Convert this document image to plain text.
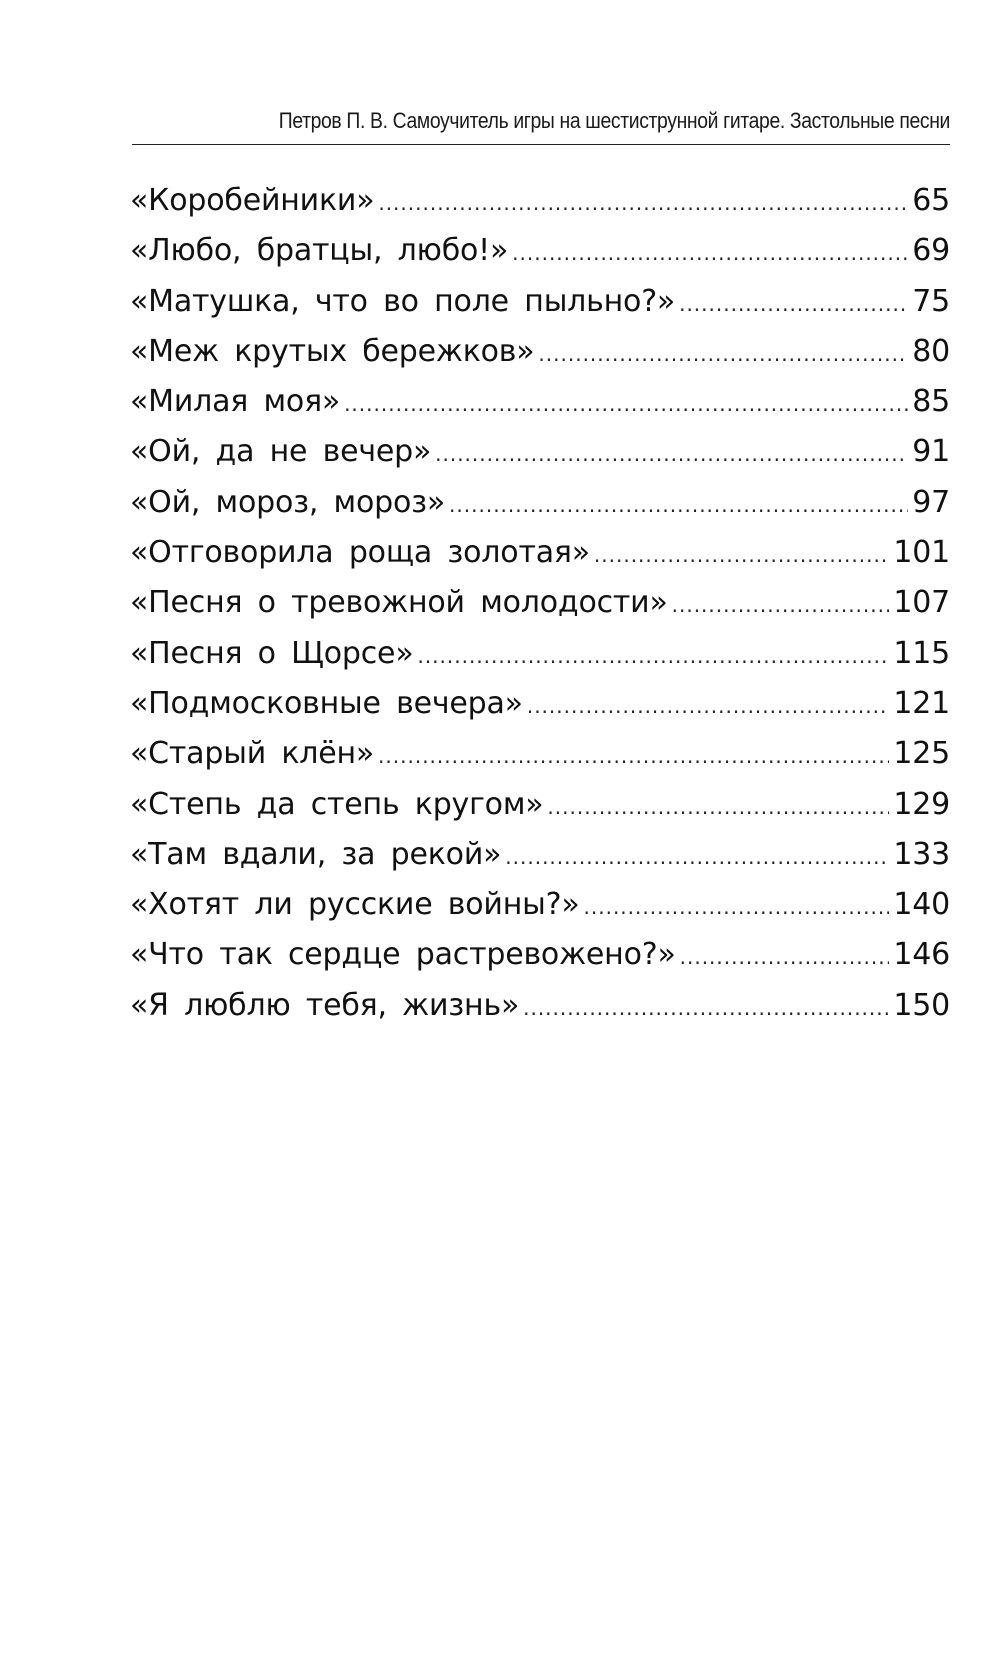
Петров П. В. Самоучитель игры на шестиструнной гитаре. Застольные песни
«Коробейники» .....	65
«Любо, братцы, любо!» .....	69
«Матушка, что во поле пыльно?» .....	75
«Меж крутых бережков» .....	80
«Милая моя» .....	85
«Ой, да не вечер» .....	91
«Ой, мороз, мороз» .....	97
«Отговорила роща золотая» .....	101
«Песня о тревожной молодости» .....	107
«Песня о Щорсе» .....	115
«Подмосковные вечера» .....	121
«Старый клён» .....	125
«Степь да степь кругом» .....	129
«Там вдали, за рекой» .....	133
«Хотят ли русские войны?» .....	140
«Что так сердце растревожено?» .....	146
«Я люблю тебя, жизнь» .....	150
